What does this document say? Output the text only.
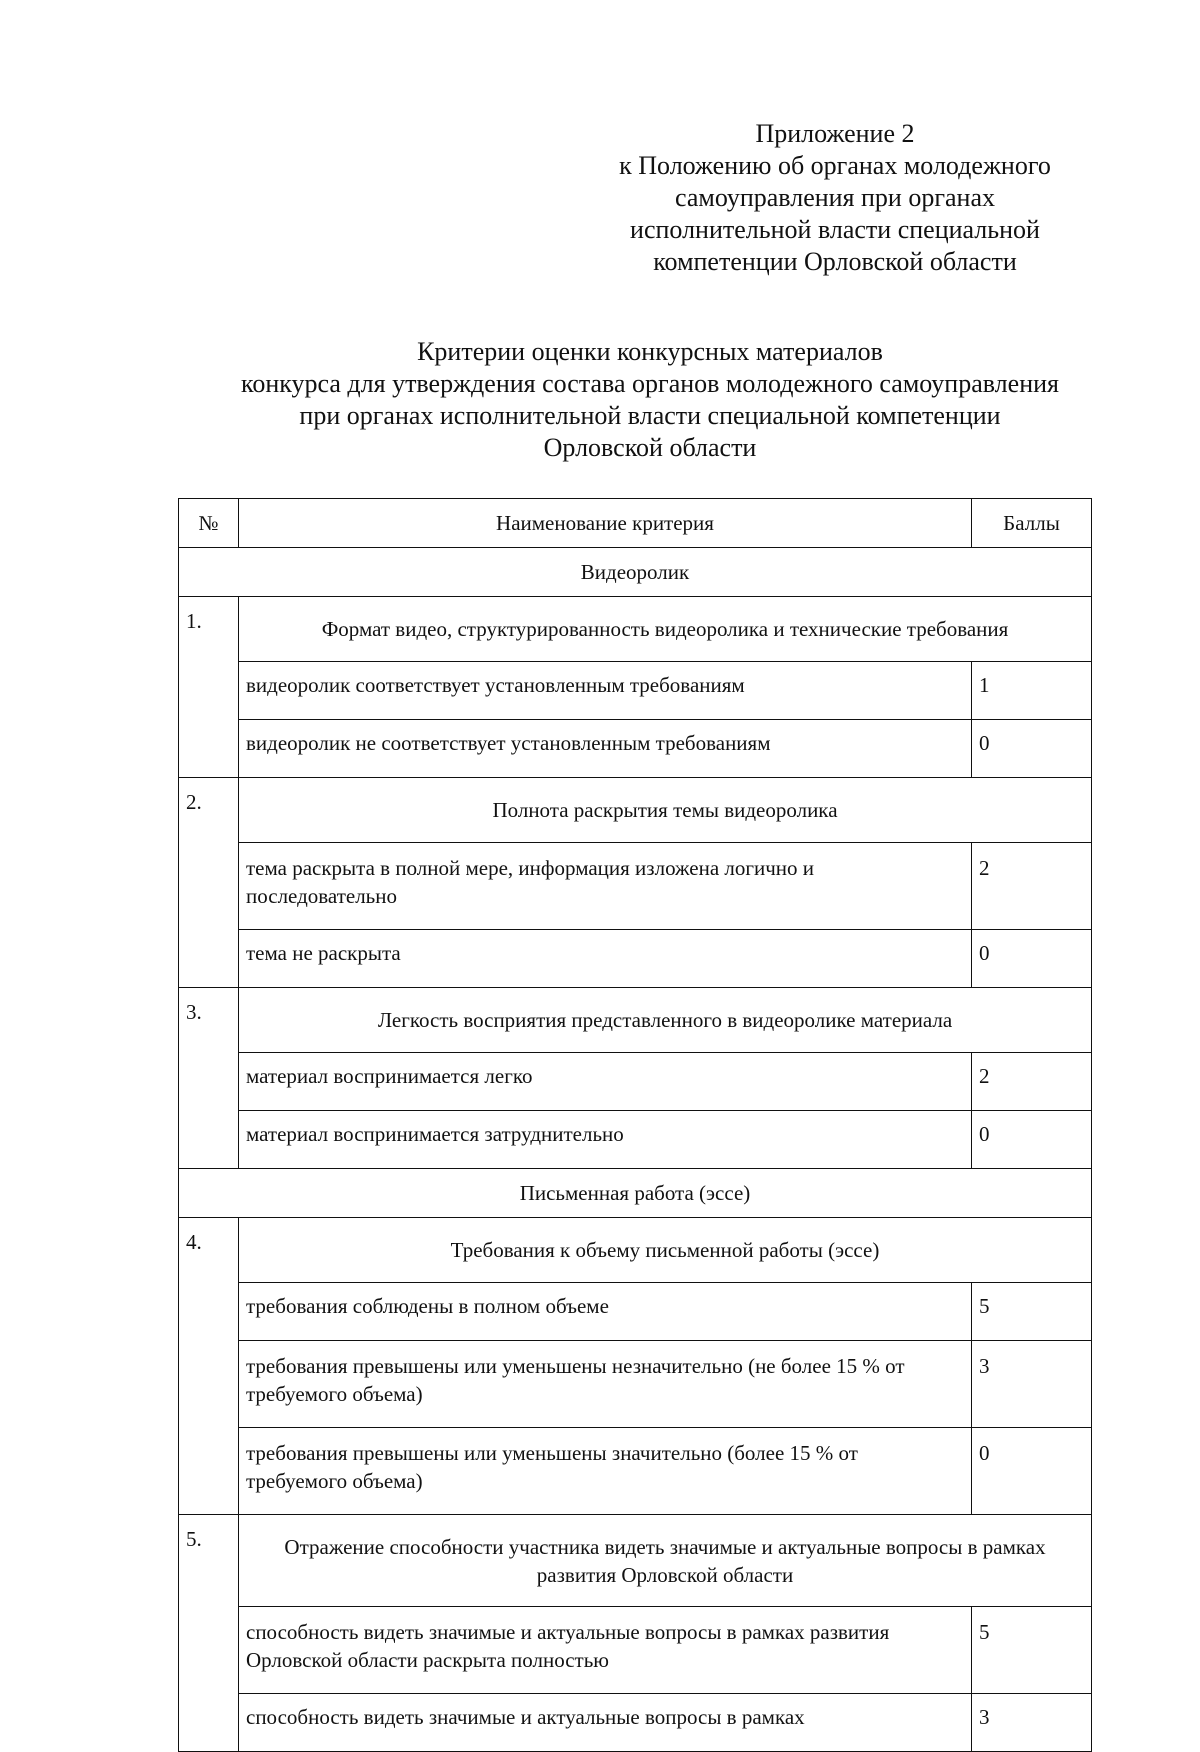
Приложение 2
к Положению об органах молодежного
самоуправления при органах
исполнительной власти специальной
компетенции Орловской области
Критерии оценки конкурсных материалов
конкурса для утверждения состава органов молодежного самоуправления
при органах исполнительной власти специальной компетенции
Орловской области
№	Наименование критерия	Баллы
Видеоролик		
1.	Формат видео, структурированность видеоролика и технические требования	
	видеоролик соответствует установленным требованиям	1
	видеоролик не соответствует установленным требованиям	0
2.	Полнота раскрытия темы видеоролика	
	тема раскрыта в полной мере, информация изложена логично и последовательно	2
	тема не раскрыта	0
3.	Легкость восприятия представленного в видеоролике материала	
	материал воспринимается легко	2
	материал воспринимается затруднительно	0
Письменная работа (эссе)		
4.	Требования к объему письменной работы (эссе)	
	требования соблюдены в полном объеме	5
	требования превышены или уменьшены незначительно (не более 15 % от требуемого объема)	3
	требования превышены или уменьшены значительно (более 15 % от требуемого объема)	0
5.	Отражение способности участника видеть значимые и актуальные вопросы в рамках развития Орловской области	
	способность видеть значимые и актуальные вопросы в рамках развития Орловской области раскрыта полностью	5
	способность видеть значимые и актуальные вопросы в рамках	3
